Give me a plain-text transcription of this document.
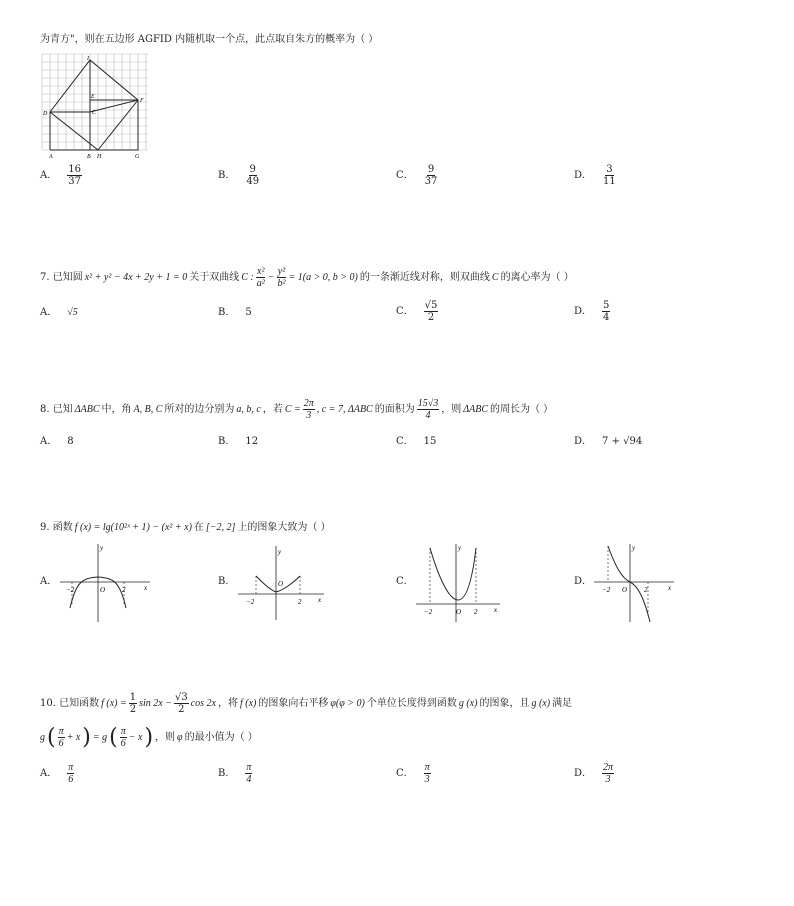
为青方"，则在五边形 AGFID 内随机取一个点，此点取自朱方的概率为（ ）
I
E
F
D	C
A	B H	G
A． $\frac{16}{37}$	B． $\frac{9}{49}$	C． $\frac{9}{37}$	D． $\frac{3}{11}$
7. 已知圆 x² + y² − 4x + 2y + 1 = 0 关于双曲线 C : $\frac{\text{x²}}{\text{a²}} - \frac{\text{y²}}{\text{b²}} = 1(a > 0$, b > 0) 的一条渐近线对称，则双曲线 C 的离心率为（ ）
A． √5	B． 5	C． $\frac{√5}{2}$	D． $\frac{5}{4}$
8. 已知 ΔABC 中，角 A, B, C 所对的边分别为 a, b, c ，若 $C = \frac{2\pi}{3}$ , c = 7, ΔABC 的面积为 $\frac{15√3}{4}$ ，则 ΔABC 的周长为（ ）
A． 8	B． 12	C． 15	D． 7 + √94
9. 函数 f (x) = lg(10²ˣ + 1) − (x² + x) 在 [−2, 2] 上的图象大致为（ ）
A．
y
x
O
−2	2
B．
y
x
O
−2	2
C．
y
x
O
−2	2
D．
y
x
O
−2	2
10. 已知函数 f $(x) = \frac{1}{2}$ $\sin 2x - \frac{√3}{2}$ cos 2x ，将 f (x) 的图象向右平移 φ(φ > 0) 个单位长度得到函数 g (x) 的图象，且 g (x) 满足
g ( $\frac{\pi}{6} + x$ ) = g ( $\frac{\pi}{6} - x$ ) ，则 φ 的最小值为（ ）
A． $\frac{\pi}{6}$	B． $\frac{\pi}{4}$	C． $\frac{\pi}{3}$	D． $\frac{2\pi}{3}$
